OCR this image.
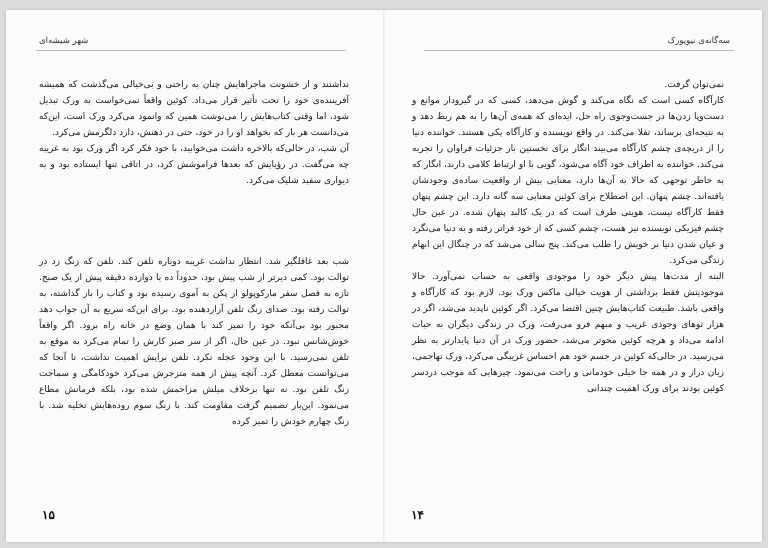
شهر شیشه‌ای

نداشتند و از خشونت ماجراهایش چنان به راحتی و بی‌خیالی می‌گذشت که همیشه آفریننده‌ی خود را تحت تأثیر قرار می‌داد. کوئین واقعاً نمی‌خواست به ورک تبدیل شود، اما وقتی کتاب‌هایش را می‌نوشت همین که وانمود می‌کرد ورک است، این‌که می‌دانست هر بار که بخواهد او را در خود، حتی در ذهنش، دارد دلگرمش می‌کرد.

آن شب، در حالی‌که بالاخره داشت می‌خوابید، با خود فکر کرد اگر ورک بود به غریبه چه می‌گفت. در رؤیایش که بعدها فراموشش کرد، در اتاقی تنها ایستاده بود و به دیواری سفید شلیک می‌کرد.

شب بعد غافلگیر شد. انتظار نداشت غریبه دوباره تلفن کند. تلفن که زنگ زد در توالت بود. کمی دیرتر از شب پیش بود، حدوداً ده یا دوازده دقیقه پیش از یک صبح. تازه به فصل سفر مارکوپولو از پکن به آموی رسیده بود و کتاب را باز گذاشته، به توالت رفته بود. صدای زنگ تلفن آزاردهنده بود. برای این‌که سریع به آن جواب دهد مجبور بود بی‌آنکه خود را تمیز کند با همان وضع در خانه راه برود. اگر واقعاً خوش‌شانس نبود. در عین حال، اگر از سر صبر کارش را تمام می‌کرد به موقع به تلفن نمی‌رسید. با این وجود عجله نکرد. تلفن برایش اهمیت نداشت، تا آنجا که می‌توانست معطل کرد. آنچه پیش از همه منزجرش می‌کرد خودکامگی و سماجت زنگ تلفن بود. نه تنها برخلاف میلش مزاحمش شده بود، بلکه فرمانش مطاع می‌نمود. این‌بار تصمیم گرفت مقاومت کند. با زنگ سوم روده‌هایش تخلیه شد. با زنگ چهارم خودش را تمیز کرده

۱۵
سه‌گانه‌ی نیویورک

نمی‌توان گرفت.

کارآگاه کسی است که نگاه می‌کند و گوش می‌دهد، کسی که در گیرودار موانع و دست‌وپا زدن‌ها در جست‌وجوی راه حل، ایده‌ای که همه‌ی آن‌ها را به هم ربط دهد و به نتیجه‌ای برساند، تقلا می‌کند. در واقع نویسنده و کارآگاه یکی هستند. خواننده دنیا را از دریچه‌ی چشم کارآگاه می‌بیند انگار برای نخستین بار جزئیات فراوان را تجربه می‌کند. خواننده به اطراف خود آگاه می‌شود، گویی با او ارتباط کلامی دارند، انگار که به خاطر توجهی که حالا به آن‌ها دارد، معنایی بیش از واقعیت ساده‌ی وجودشان یافته‌اند. چشم پنهان. این اصطلاح برای کوئین معنایی سه گانه دارد. این چشم پنهان فقط کارآگاه نیست، هویتی طرف است که در یک کالبد پنهان شده. در عین حال چشم فیزیکی نویسنده نیز هست، چشم کسی که از خود فراتر رفته و به دنیا می‌نگرد و عیان شدن دنیا بر خویش را طلب می‌کند. پنج سالی می‌شد که در چنگال این ابهام زندگی می‌کرد.

البته از مدت‌ها پیش دیگر خود را موجودی واقعی به حساب نمی‌آورد. حالا موجودیتش فقط برداشتی از هویت خیالی ماکس ورک بود. لازم بود که کارآگاه و واقعی باشد. طبیعت کتاب‌هایش چنین اقتضا می‌کرد. اگر کوئین ناپدید می‌شد، اگر در هزار توهای وجودی غریب و مبهم فرو می‌رفت، ورک در زندگی دیگران به حیات ادامه می‌داد و هرچه کوئین محوتر می‌شد، حضور ورک در آن دنیا پایدارتر به نظر می‌رسید. در حالی‌که کوئین در جسم خود هم احساس غریبگی می‌کرد، ورک تهاجمی، زبان دراز و در همه جا خیلی خودمانی و راحت می‌نمود. چیزهایی که موجب دردسر کوئین بودند برای ورک اهمیت چندانی

۱۴
